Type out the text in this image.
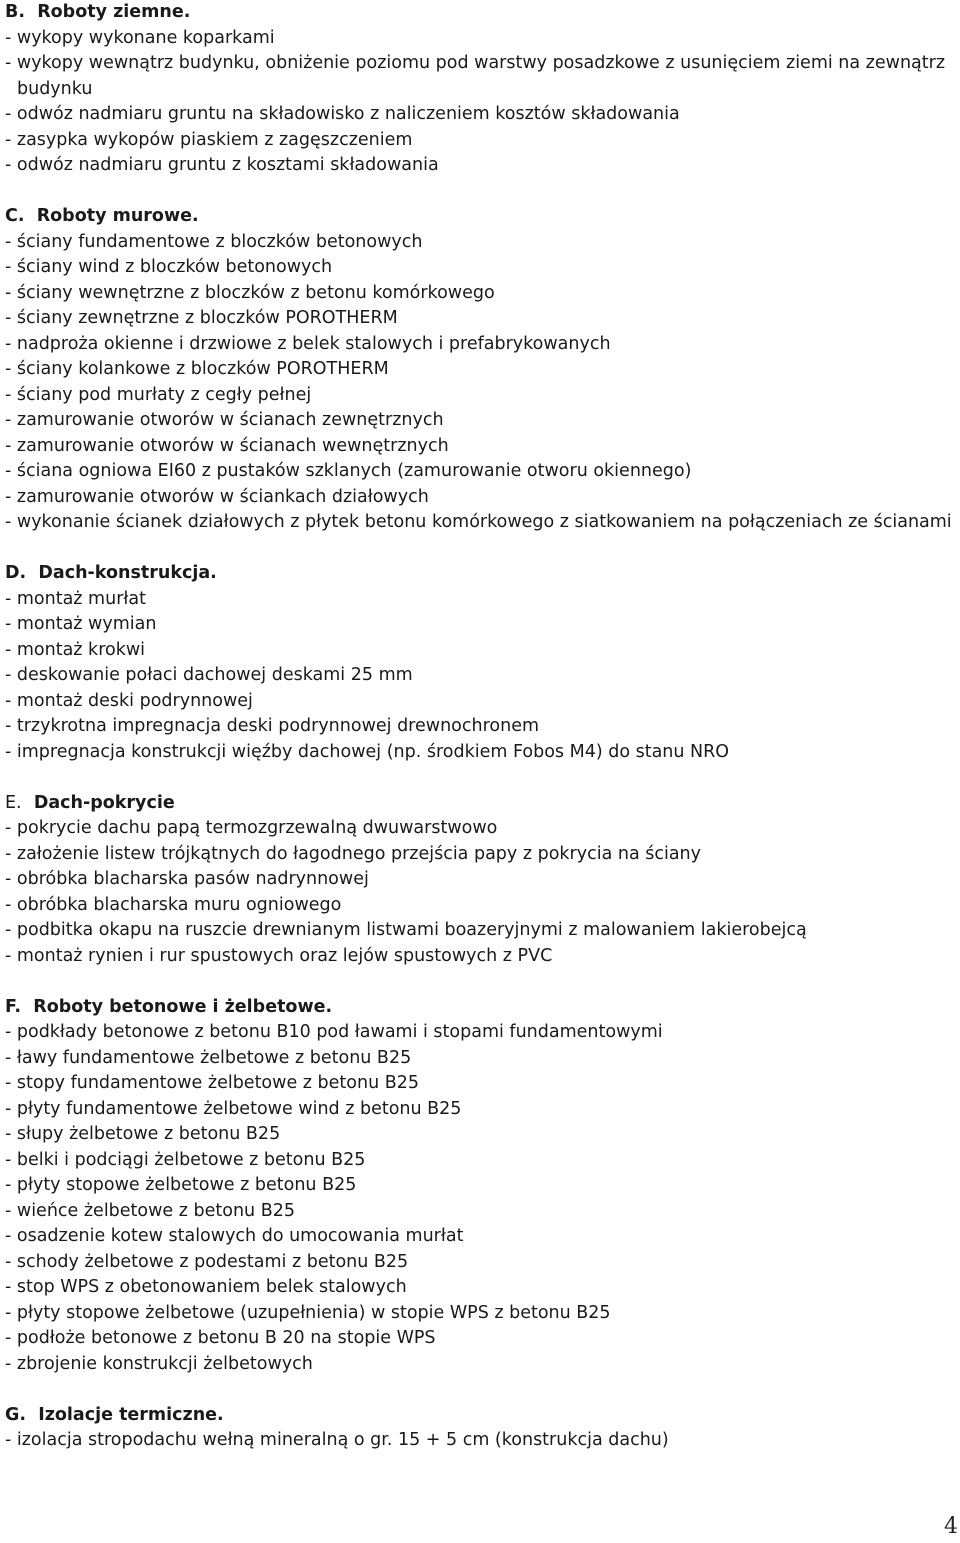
B. Roboty ziemne.
- wykopy wykonane koparkami
- wykopy wewnątrz budynku, obniżenie poziomu pod warstwy posadzkowe z usunięciem ziemi na zewnątrz budynku
- odwóz nadmiaru gruntu na składowisko z naliczeniem kosztów składowania
- zasypka wykopów piaskiem z zagęszczeniem
- odwóz nadmiaru gruntu z kosztami składowania
C. Roboty murowe.
- ściany fundamentowe z bloczków betonowych
- ściany wind z bloczków betonowych
- ściany wewnętrzne z bloczków z betonu komórkowego
- ściany zewnętrzne z bloczków POROTHERM
- nadproża okienne i drzwiowe z belek stalowych i prefabrykowanych
- ściany kolankowe z bloczków POROTHERM
- ściany pod murłaty z cegły pełnej
- zamurowanie otworów w ścianach zewnętrznych
- zamurowanie otworów w ścianach wewnętrznych
- ściana ogniowa EI60 z pustaków szklanych (zamurowanie otworu okiennego)
- zamurowanie otworów w ściankach działowych
- wykonanie ścianek działowych z płytek betonu komórkowego z siatkowaniem na połączeniach ze ścianami
D. Dach-konstrukcja.
- montaż murłat
- montaż wymian
- montaż krokwi
- deskowanie połaci dachowej deskami 25 mm
- montaż deski podrynnowej
- trzykrotna impregnacja deski podrynnowej drewnochronem
- impregnacja konstrukcji więźby dachowej (np. środkiem Fobos M4) do stanu NRO
E. Dach-pokrycie
- pokrycie dachu papą termozgrzewalną dwuwarstwowo
- założenie listew trójkątnych do łagodnego przejścia papy z pokrycia na ściany
- obróbka blacharska pasów nadrynnowej
- obróbka blacharska muru ogniowego
- podbitka okapu na ruszcie drewnianym listwami boazeryjnymi z malowaniem lakierobejcą
- montaż rynien i rur spustowych oraz lejów spustowych z PVC
F. Roboty betonowe i żelbetowe.
- podkłady betonowe z betonu B10 pod ławami i stopami fundamentowymi
- ławy fundamentowe żelbetowe z betonu B25
- stopy fundamentowe żelbetowe z betonu B25
- płyty fundamentowe żelbetowe wind z betonu B25
- słupy żelbetowe z betonu B25
- belki i podciągi żelbetowe z betonu B25
- płyty stopowe żelbetowe z betonu B25
- wieńce żelbetowe z betonu B25
- osadzenie kotew stalowych do umocowania murłat
- schody żelbetowe z podestami z betonu B25
- stop WPS z obetonowaniem belek stalowych
- płyty stopowe żelbetowe (uzupełnienia) w stopie WPS z betonu B25
- podłoże betonowe z betonu B 20 na stopie WPS
- zbrojenie konstrukcji żelbetowych
G. Izolacje termiczne.
- izolacja stropodachu wełną mineralną o gr. 15 + 5 cm (konstrukcja dachu)
4
